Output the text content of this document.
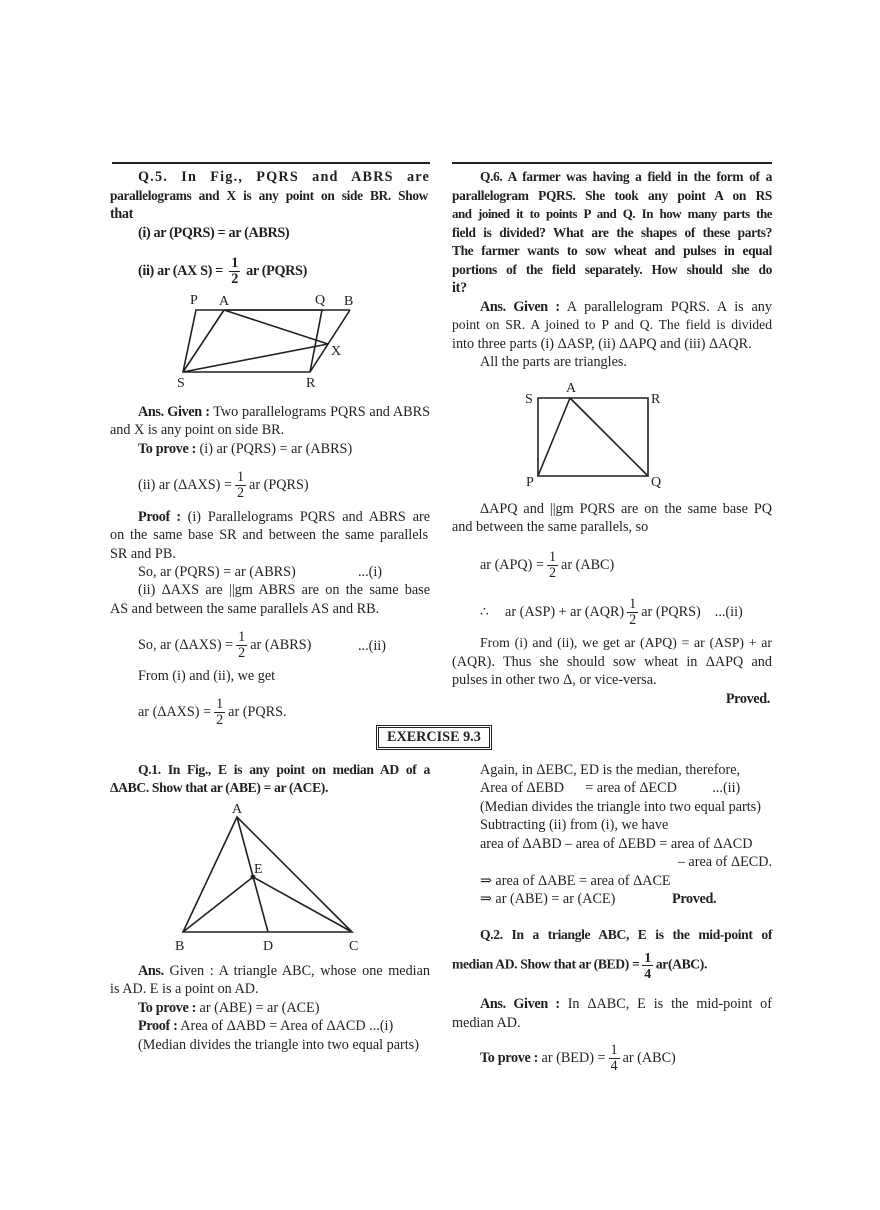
Q.5. In Fig., PQRS and ABRS are
parallelograms and X is any point on side BR. Show
that
(i) ar (PQRS) = ar (ABRS)
(ii) ar (AX $S) = \frac{1}{2}$ ar (PQRS)
P A	Q B
X
S	R
Ans. Given : Two parallelograms PQRS and ABRS
and X is any point on side BR.
To prove : (i) ar (PQRS) = ar (ABRS)
(ii) ar $(\Delta AXS) = \frac{1}{2}$ ar (PQRS)
Proof : (i) Parallelograms PQRS and ABRS are
on the same base SR and between the same parallels
SR and PB.
So, ar (PQRS) = ar (ABRS)	...(i)
(ii) ΔAXS are ||gm ABRS are on the same base
AS and between the same parallels AS and RB.
So, ar $(\Delta AXS) = \frac{1}{2}$ ar (ABRS)	...(ii)
From (i) and (ii), we get
ar $(\Delta AXS) = \frac{1}{2}$ ar (PQRS.
Q.6. A farmer was having a field in the form of a
parallelogram PQRS. She took any point A on RS
and joined it to points P and Q. In how many parts the
field is divided? What are the shapes of these parts?
The farmer wants to sow wheat and pulses in equal
portions of the field separately. How should she do
it?
Ans. Given : A parallelogram PQRS. A is any
point on SR. A joined to P and Q. The field is divided
into three parts (i) ΔASP, (ii) ΔAPQ and (iii) ΔAQR.
All the parts are triangles.
S
A
R
P	Q
ΔAPQ and ||gm PQRS are on the same base PQ
and between the same parallels, so
ar $(APQ) = \frac{1}{2}$ ar (ABC)
∴ ar (ASP) + ar $(AQR) \frac{1}{2}$ ar (PQRS) ...(ii)
From (i) and (ii), we get ar (APQ) = ar (ASP) + ar
(AQR). Thus she should sow wheat in ΔAPQ and
pulses in other two Δ, or vice-versa.
Proved.
EXERCISE 9.3
Q.1. In Fig., E is any point on median AD of a
ΔABC. Show that ar (ABE) = ar (ACE).
A
E
B	D	C
Ans. Given : A triangle ABC, whose one median
is AD. E is a point on AD.
To prove : ar (ABE) = ar (ACE)
Proof : Area of ΔABD = Area of ΔACD ...(i)
(Median divides the triangle into two equal parts)
Again, in ΔEBC, ED is the median, therefore,
Area of ΔEBD      = area of ΔECD          ...(ii)
(Median divides the triangle into two equal parts)
Subtracting (ii) from (i), we have
area of ΔABD – area of ΔEBD = area of ΔACD
– area of ΔECD.
⇒ area of ΔABE = area of ΔACE
⇒ ar (ABE) = ar (ACE)	Proved.
Q.2. In a triangle ABC, E is the mid-point of
median AD. Show that ar $(BED) = \frac{1}{4} ar(ABC)$.
Ans. Given : In ΔABC, E is the mid-point of
median AD.
To prove : ar $(BED) = \frac{1}{4}$ ar (ABC)
